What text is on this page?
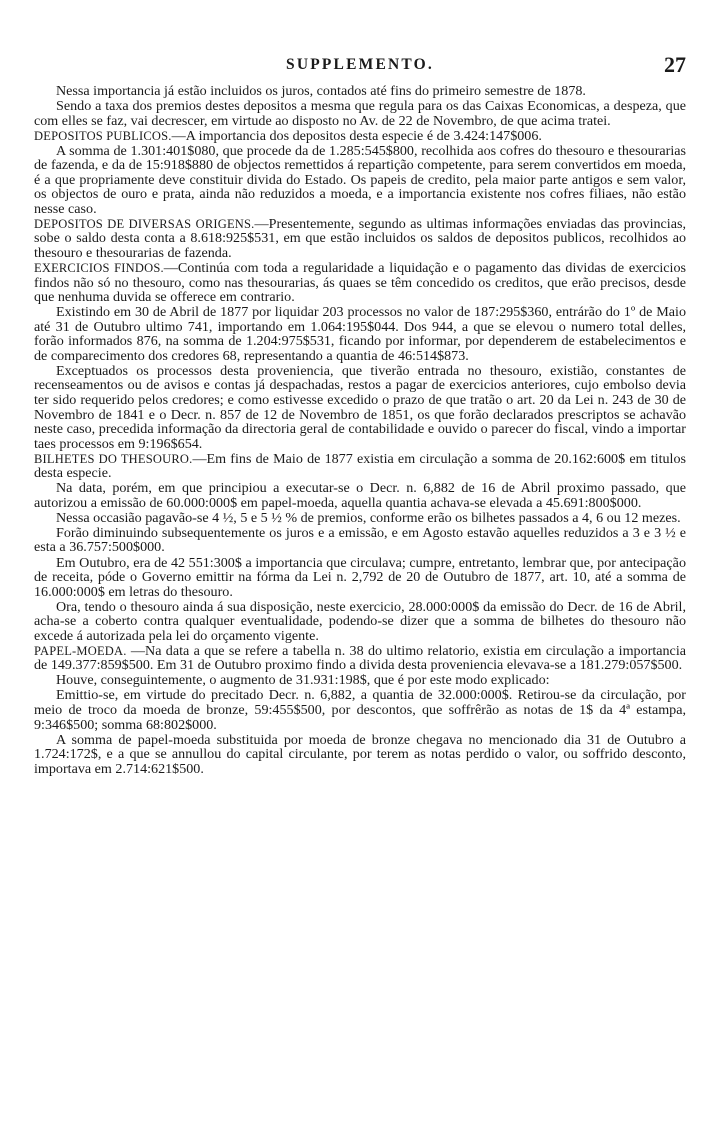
SUPPLEMENTO.	27

Nessa importancia já estão incluidos os juros, contados até fins do primeiro semestre de 1878.

Sendo a taxa dos premios destes depositos a mesma que regula para os das Caixas Economicas, a despeza, que com elles se faz, vai decrescer, em virtude ao disposto no Av. de 22 de Novembro, de que acima tratei.

DEPOSITOS PUBLICOS.—A importancia dos depositos desta especie é de 3.424:147$006.

A somma de 1.301:401$080, que procede da de 1.285:545$800, recolhida aos cofres do thesouro e thesourarias de fazenda, e da de 15:918$880 de objectos remettidos á repartição competente, para serem convertidos em moeda, é a que propriamente deve constituir divida do Estado. Os papeis de credito, pela maior parte antigos e sem valor, os objectos de ouro e prata, ainda não reduzidos a moeda, e a importancia existente nos cofres filiaes, não estão nesse caso.

DEPOSITOS DE DIVERSAS ORIGENS.—Presentemente, segundo as ultimas informações enviadas das provincias, sobe o saldo desta conta a 8.618:925$531, em que estão incluidos os saldos de depositos publicos, recolhidos ao thesouro e thesourarias de fazenda.

EXERCICIOS FINDOS.—Continúa com toda a regularidade a liquidação e o pagamento das dividas de exercicios findos não só no thesouro, como nas thesourarias, ás quaes se têm concedido os creditos, que erão precisos, desde que nenhuma duvida se offerece em contrario.

Existindo em 30 de Abril de 1877 por liquidar 203 processos no valor de 187:295$360, entrárão do 1º de Maio até 31 de Outubro ultimo 741, importando em 1.064:195$044. Dos 944, a que se elevou o numero total delles, forão informados 876, na somma de 1.204:975$531, ficando por informar, por dependerem de estabelecimentos e de comparecimento dos credores 68, representando a quantia de 46:514$873.

Exceptuados os processos desta proveniencia, que tiverão entrada no thesouro, existião, constantes de recenseamentos ou de avisos e contas já despachadas, restos a pagar de exercicios anteriores, cujo embolso devia ter sido requerido pelos credores; e como estivesse excedido o prazo de que tratão o art. 20 da Lei n. 243 de 30 de Novembro de 1841 e o Decr. n. 857 de 12 de Novembro de 1851, os que forão declarados prescriptos se achavão neste caso, precedida informação da directoria geral de contabilidade e ouvido o parecer do fiscal, vindo a importar taes processos em 9:196$654.

BILHETES DO THESOURO.—Em fins de Maio de 1877 existia em circulação a somma de 20.162:600$ em titulos desta especie.

Na data, porém, em que principiou a executar-se o Decr. n. 6,882 de 16 de Abril proximo passado, que autorizou a emissão de 60.000:000$ em papel-moeda, aquella quantia achava-se elevada a 45.691:800$000.

Nessa occasião pagavão-se 4 ½, 5 e 5 ½ % de premios, conforme erão os bilhetes passados a 4, 6 ou 12 mezes.

Forão diminuindo subsequentemente os juros e a emissão, e em Agosto estavão aquelles reduzidos a 3 e 3 ½ e esta a 36.757:500$000.

Em Outubro, era de 42 551:300$ a importancia que circulava; cumpre, entretanto, lembrar que, por antecipação de receita, póde o Governo emittir na fórma da Lei n. 2,792 de 20 de Outubro de 1877, art. 10, até a somma de 16.000:000$ em letras do thesouro.

Ora, tendo o thesouro ainda á sua disposição, neste exercicio, 28.000:000$ da emissão do Decr. de 16 de Abril, acha-se a coberto contra qualquer eventualidade, podendo-se dizer que a somma de bilhetes do thesouro não excede á autorizada pela lei do orçamento vigente.

PAPEL-MOEDA. —Na data a que se refere a tabella n. 38 do ultimo relatorio, existia em circulação a importancia de 149.377:859$500. Em 31 de Outubro proximo findo a divida desta proveniencia elevava-se a 181.279:057$500.

Houve, conseguintemente, o augmento de 31.931:198$, que é por este modo explicado:

Emittio-se, em virtude do precitado Decr. n. 6,882, a quantia de 32.000:000$. Retirou-se da circulação, por meio de troco da moeda de bronze, 59:455$500, por descontos, que soffrêrão as notas de 1$ da 4ª estampa, 9:346$500; somma 68:802$000.

A somma de papel-moeda substituida por moeda de bronze chegava no mencionado dia 31 de Outubro a 1.724:172$, e a que se annullou do capital circulante, por terem as notas perdido o valor, ou soffrido desconto, importava em 2.714:621$500.
